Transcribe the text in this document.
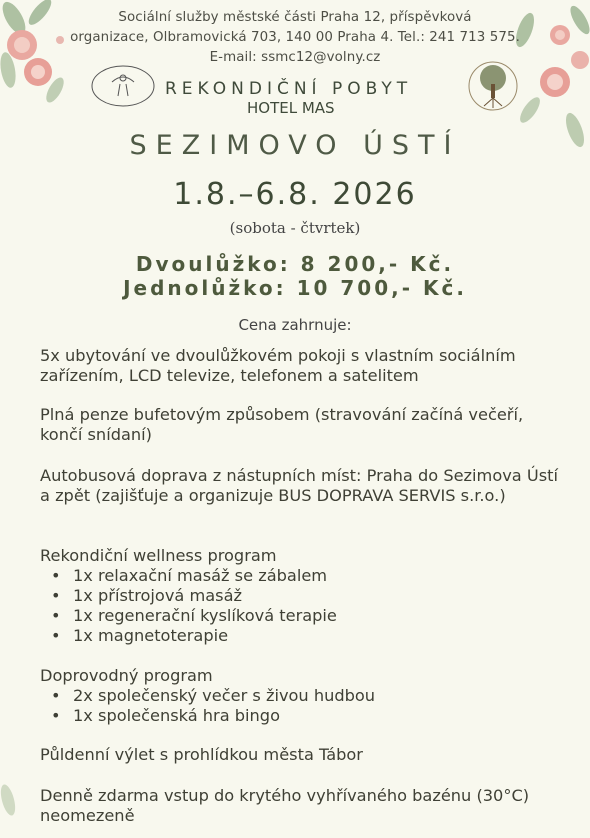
Sociální služby městské části Praha 12, příspěvková
organizace, Olbramovická 703, 140 00 Praha 4. Tel.: 241 713 575.
E-mail: ssmc12@volny.cz
REKONDIČNÍ POBYT
HOTEL MAS
SEZIMOVO ÚSTÍ
1.8.–6.8. 2026
(sobota - čtvrtek)
Dvoulůžko: 8 200,- Kč.
Jednolůžko: 10 700,- Kč.
Cena zahrnuje:
5x ubytování ve dvoulůžkovém pokoji s vlastním sociálním zařízením, LCD televize, telefonem a satelitem
Plná penze bufetovým způsobem (stravování začíná večeří, končí snídaní)
Autobusová doprava z nástupních míst: Praha do Sezimova Ústí a zpět (zajišťuje a organizuje BUS DOPRAVA SERVIS s.r.o.)

Rekondiční wellness program

• 1x relaxační masáž se zábalem
• 1x přístrojová masáž
• 1x regenerační kyslíková terapie
• 1x magnetoterapie

Doprovodný program

• 2x společenský večer s živou hudbou
• 1x společenská hra bingo
Půldenní výlet s prohlídkou města Tábor
Denně zdarma vstup do krytého vyhřívaného bazénu (30°C) neomezeně
